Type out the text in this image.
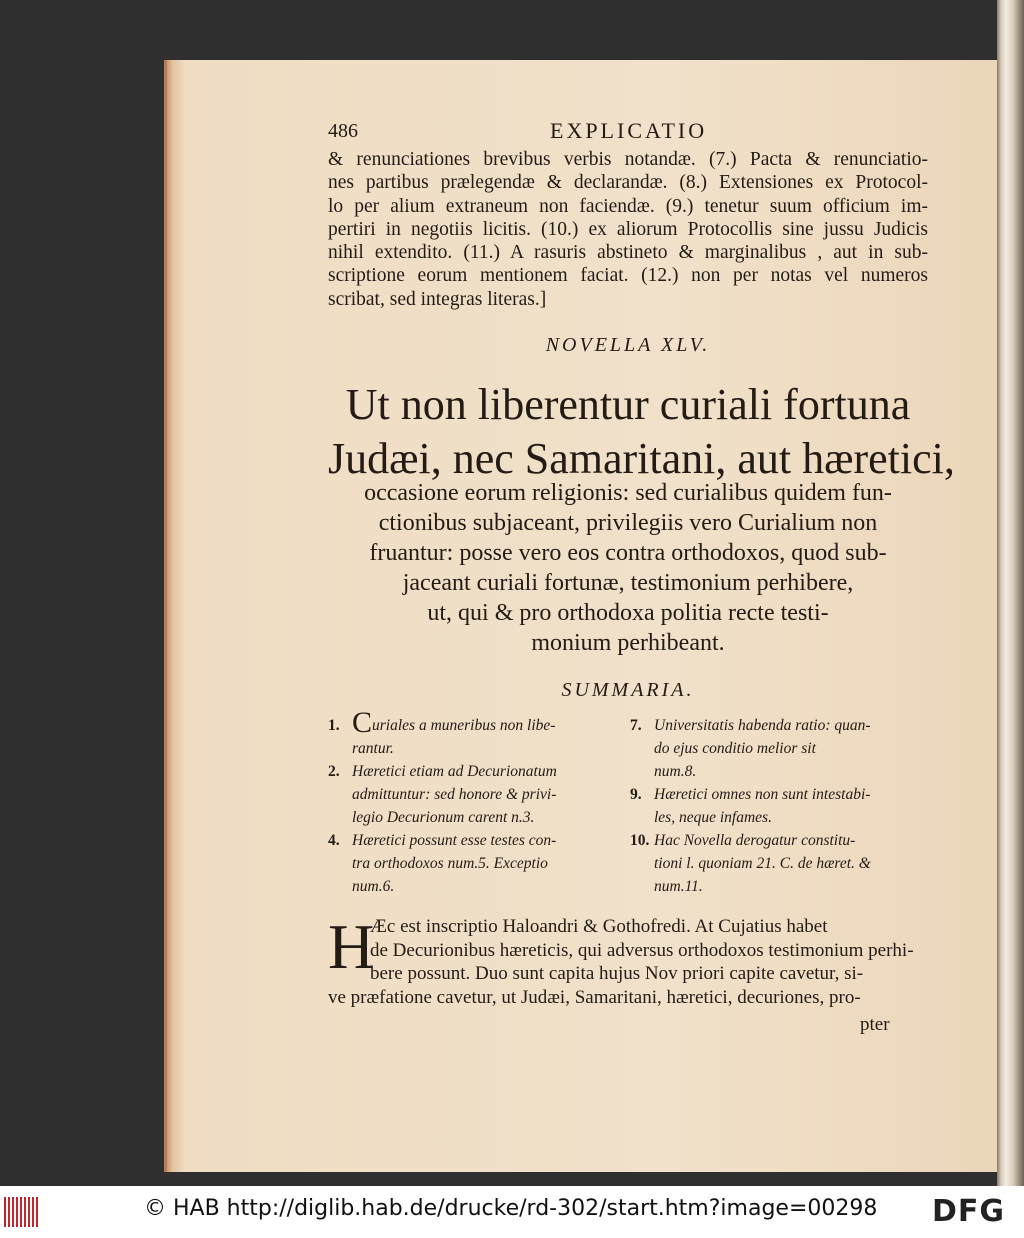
486	EXPLICATIO
& renunciationes brevibus verbis notandæ. (7.) Pacta & renunciatio-
nes partibus prælegendæ & declarandæ. (8.) Extensiones ex Protocol-
lo per alium extraneum non faciendæ. (9.) tenetur suum officium im-
pertiri in negotiis licitis. (10.) ex aliorum Protocollis sine jussu Judicis
nihil extendito. (11.) A rasuris abstineto & marginalibus , aut in sub-
scriptione eorum mentionem faciat. (12.) non per notas vel numeros
scribat, sed integras literas.]
NOVELLA XLV.
Ut non liberentur curiali fortuna
Judæi, nec Samaritani, aut hæretici,
occasione eorum religionis: sed curialibus quidem fun-
ctionibus subjaceant, privilegiis vero Curialium non
fruantur: posse vero eos contra orthodoxos, quod sub-
jaceant curiali fortunæ, testimonium perhibere,
ut, qui & pro orthodoxa politia recte testi-
monium perhibeant.
SUMMARIA.
1. Curiales a muneribus non libe-
rantur.
2. Hæretici etiam ad Decurionatum
admittuntur: sed honore & privi-
legio Decurionum carent n.3.
4. Hæretici possunt esse testes con-
tra orthodoxos num.5. Exceptio
num.6.
7. Universitatis habenda ratio: quan-
do ejus conditio melior sit
num.8.
9. Hæretici omnes non sunt intestabi-
les, neque infames.
10. Hac Novella derogatur constitu-
tioni l. quoniam 21. C. de hæret. &
num.11.
H
Æc est inscriptio Haloandri & Gothofredi. At Cujatius habet
de Decurionibus hæreticis, qui adversus orthodoxos testimonium perhi-
bere possunt. Duo sunt capita hujus Nov priori capite cavetur, si-
ve præfatione cavetur, ut Judæi, Samaritani, hæretici, decuriones, pro-
pter
© HAB http://diglib.hab.de/drucke/rd-302/start.htm?image=00298 DFG
